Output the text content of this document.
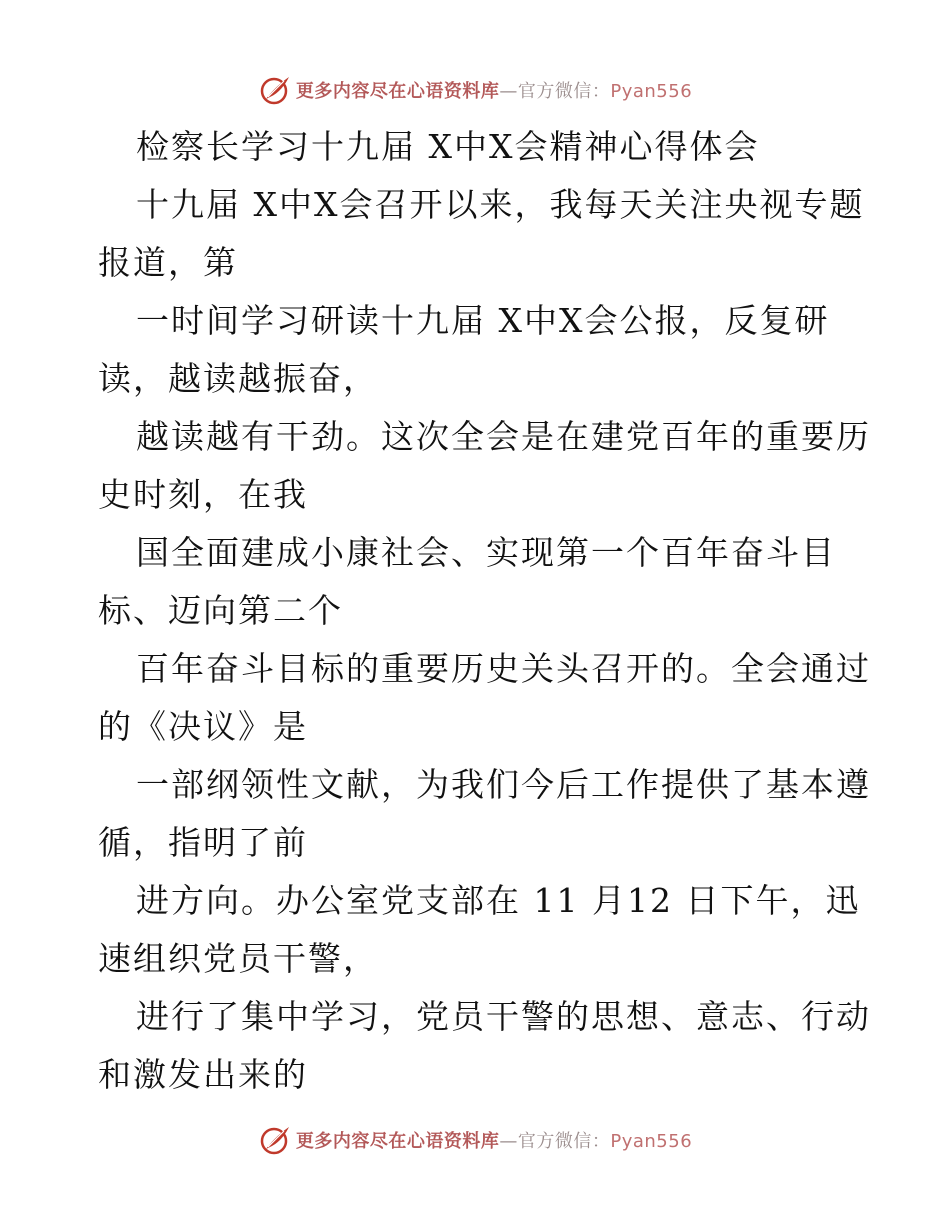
更多内容尽在心语资料库—官方微信：Pyan556
检察长学习十九届 X中X会精神心得体会
十九届 X中X会召开以来，我每天关注央视专题
报道，第
一时间学习研读十九届 X中X会公报，反复研
读，越读越振奋，
越读越有干劲。这次全会是在建党百年的重要历
史时刻，在我
国全面建成小康社会、实现第一个百年奋斗目
标、迈向第二个
百年奋斗目标的重要历史关头召开的。全会通过
的《决议》是
一部纲领性文献，为我们今后工作提供了基本遵
循，指明了前
进方向。办公室党支部在 11 月12 日下午，迅
速组织党员干警，
进行了集中学习，党员干警的思想、意志、行动
和激发出来的
更多内容尽在心语资料库—官方微信：Pyan556
